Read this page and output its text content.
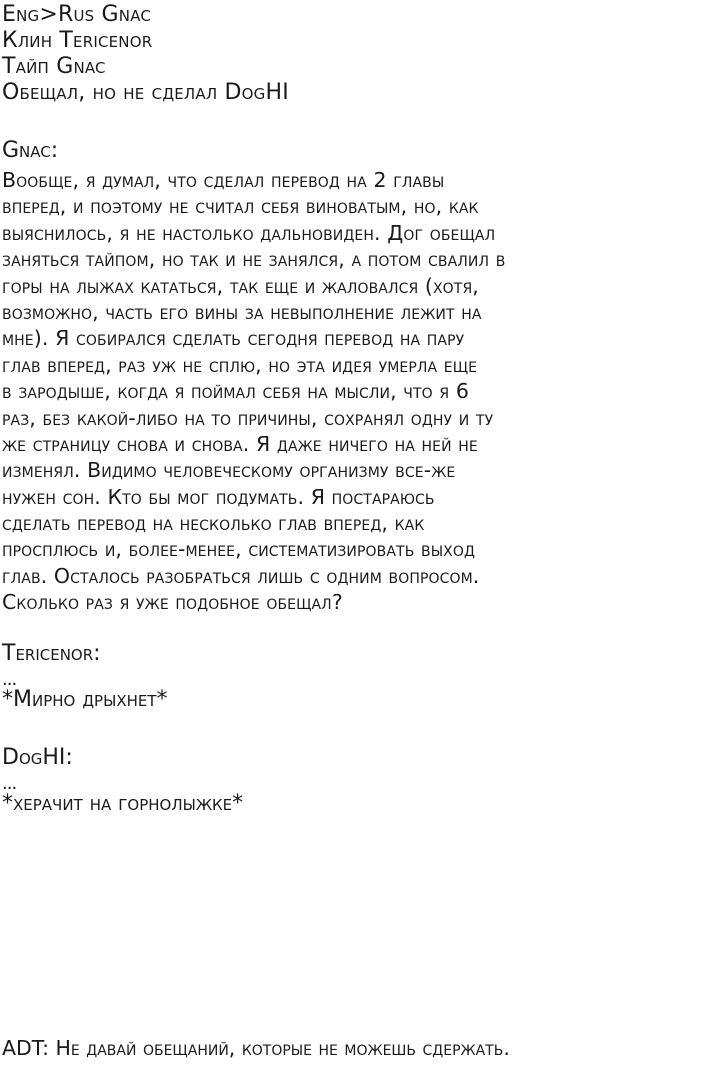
Eng>Rus Gnac
Клин Tericenor
Тайп Gnac
Обещал, но не сделал DogHI
Gnac:
Вообще, я думал, что сделал перевод на 2 главы
вперед, и поэтому не считал себя виноватым, но, как
выяснилось, я не настолько дальновиден. Дог обещал
заняться тайпом, но так и не занялся, а потом свалил в
горы на лыжах кататься, так еще и жаловался (хотя,
возможно, часть его вины за невыполнение лежит на
мне). Я собирался сделать сегодня перевод на пару
глав вперед, раз уж не сплю, но эта идея умерла еще
в зародыше, когда я поймал себя на мысли, что я 6
раз, без какой-либо на то причины, сохранял одну и ту
же страницу снова и снова. Я даже ничего на ней не
изменял. Видимо человеческому организму все-же
нужен сон. Кто бы мог подумать. Я постараюсь
сделать перевод на несколько глав вперед, как
просплюсь и, более-менее, систематизировать выход
глав. Осталось разобраться лишь с одним вопросом.
Сколько раз я уже подобное обещал?
Tericenor:
...
*Мирно дрыхнет*
DogHI:
...
*херачит на горнолыжке*
ADT: Не давай обещаний, которые не можешь сдержать.
